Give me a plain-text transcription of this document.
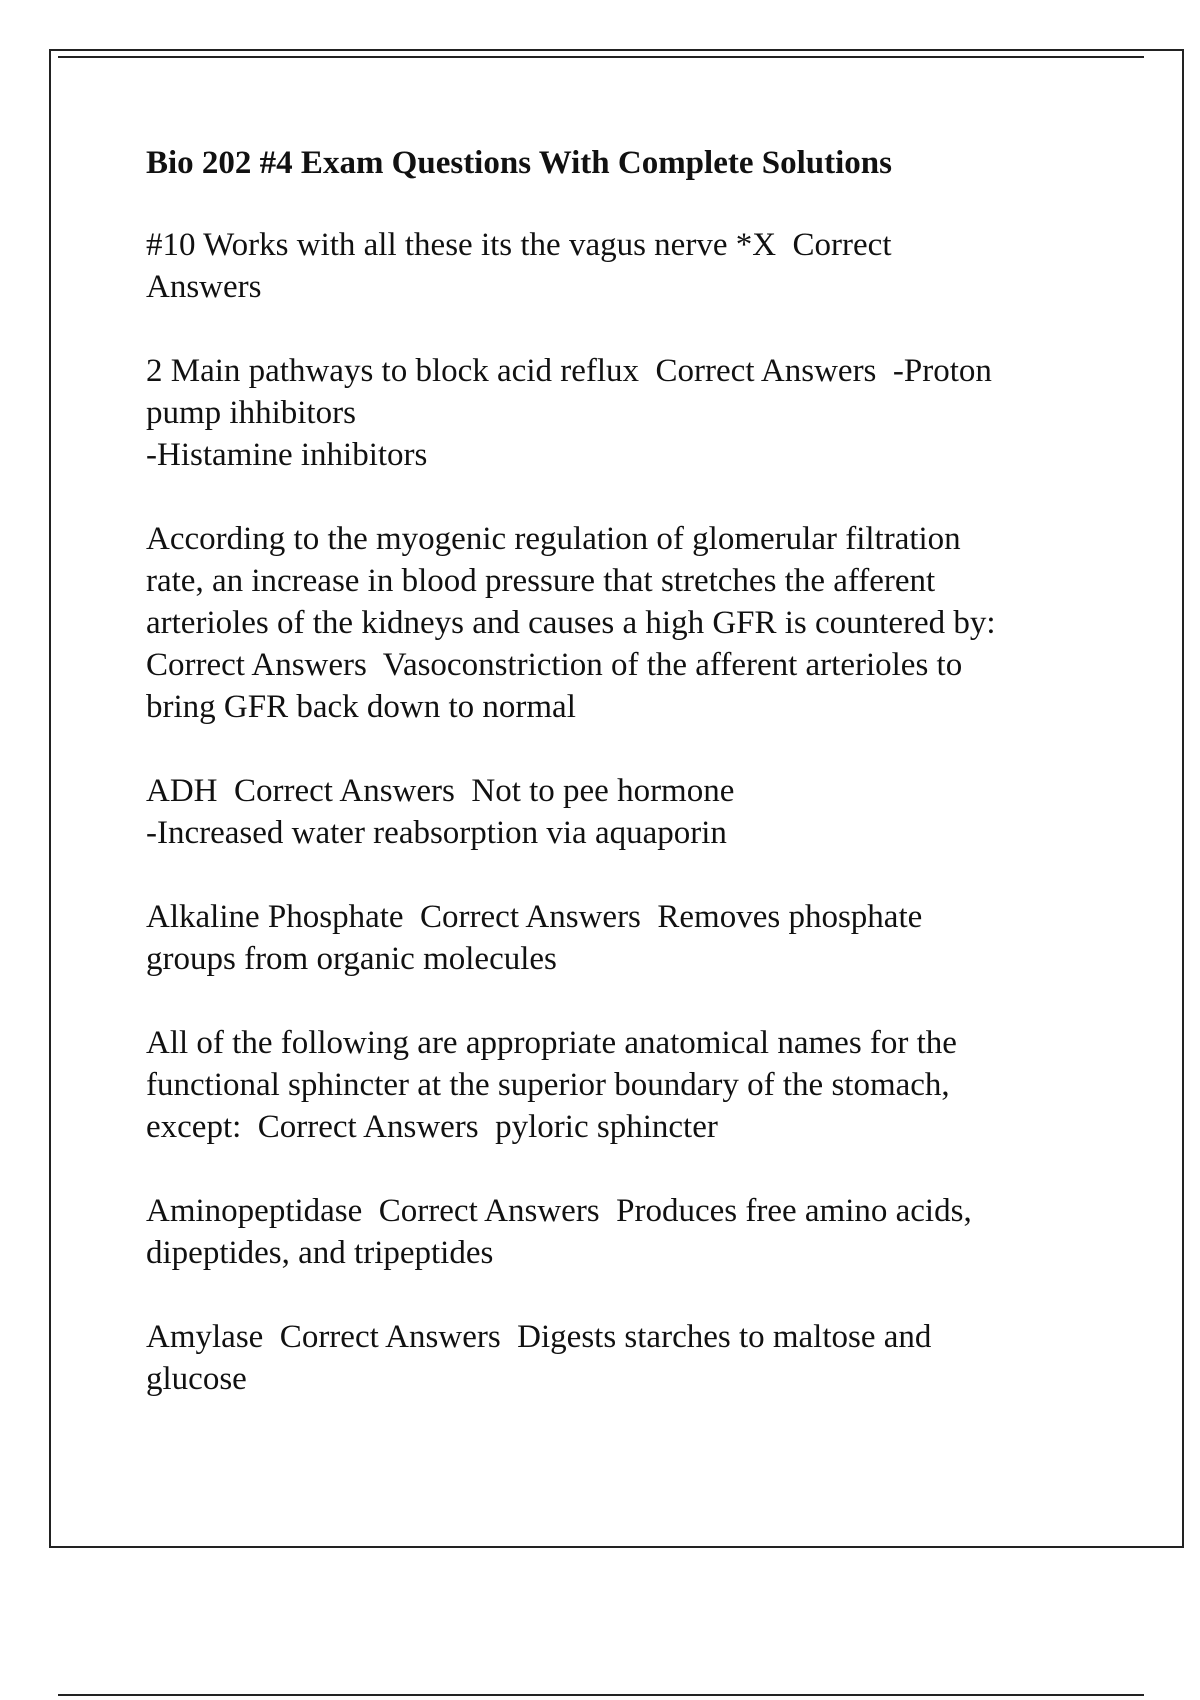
Bio 202 #4 Exam Questions With Complete Solutions
#10 Works with all these its the vagus nerve *X  Correct
Answers
2 Main pathways to block acid reflux  Correct Answers  -Proton
pump ihhibitors
-Histamine inhibitors
According to the myogenic regulation of glomerular filtration
rate, an increase in blood pressure that stretches the afferent
arterioles of the kidneys and causes a high GFR is countered by:
Correct Answers  Vasoconstriction of the afferent arterioles to
bring GFR back down to normal
ADH  Correct Answers  Not to pee hormone
-Increased water reabsorption via aquaporin
Alkaline Phosphate  Correct Answers  Removes phosphate
groups from organic molecules
All of the following are appropriate anatomical names for the
functional sphincter at the superior boundary of the stomach,
except:  Correct Answers  pyloric sphincter
Aminopeptidase  Correct Answers  Produces free amino acids,
dipeptides, and tripeptides
Amylase  Correct Answers  Digests starches to maltose and
glucose
